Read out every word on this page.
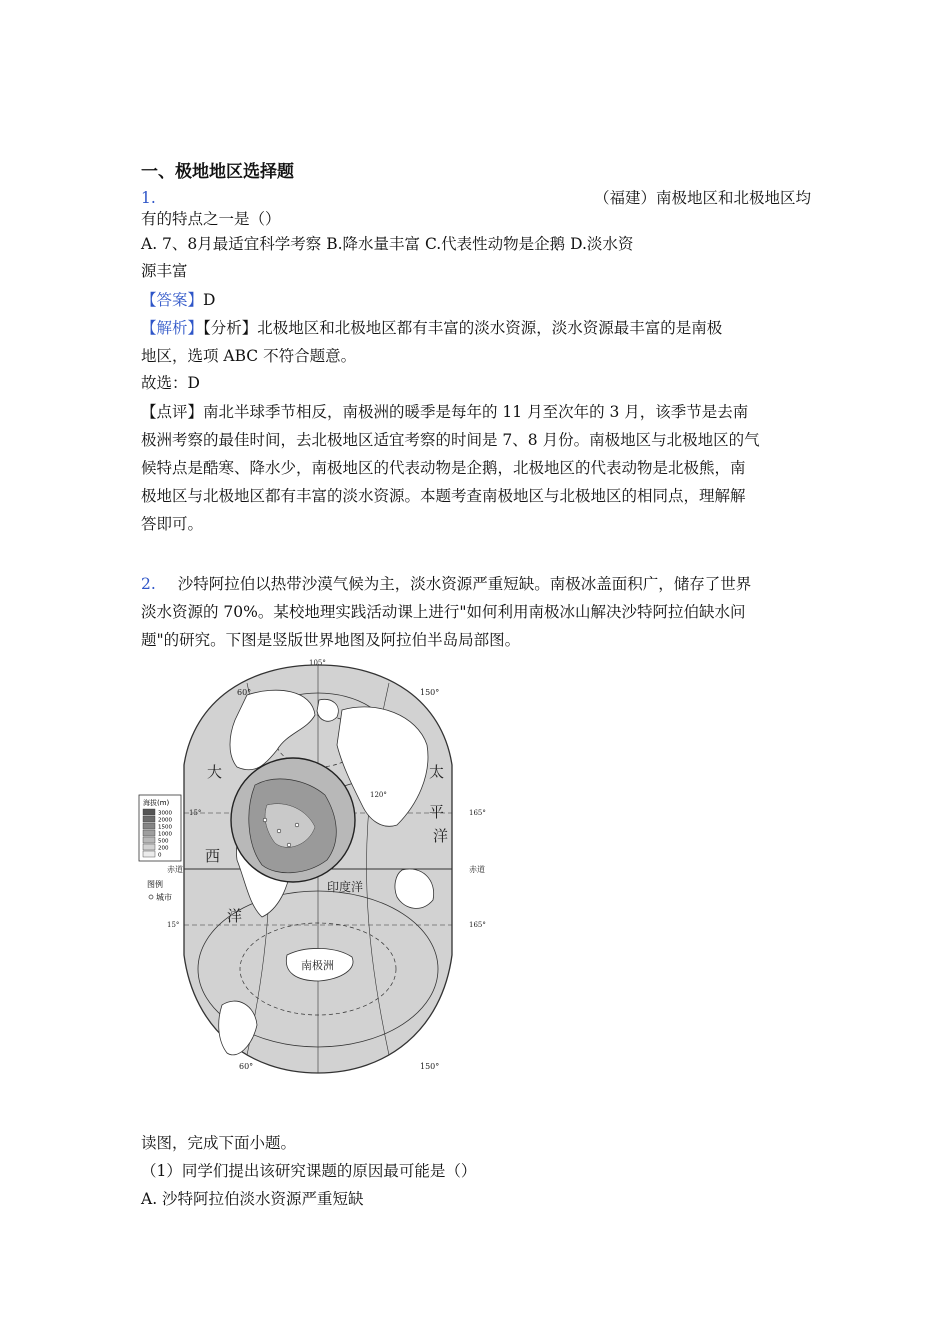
一、极地地区选择题
1.	（福建）南极地区和北极地区均
有的特点之一是（）
A. 7、8月最适宜科学考察 B.降水量丰富 C.代表性动物是企鹅 D.淡水资
源丰富
【答案】D
【解析】【分析】北极地区和北极地区都有丰富的淡水资源，淡水资源最丰富的是南极
地区，选项 ABC 不符合题意。
故选：D
【点评】南北半球季节相反，南极洲的暖季是每年的 11 月至次年的 3 月，该季节是去南
极洲考察的最佳时间，去北极地区适宜考察的时间是 7、8 月份。南极地区与北极地区的气
候特点是酷寒、降水少，南极地区的代表动物是企鹅，北极地区的代表动物是北极熊，南
极地区与北极地区都有丰富的淡水资源。本题考查南极地区与北极地区的相同点，理解解
答即可。
2. 沙特阿拉伯以热带沙漠气候为主，淡水资源严重短缺。南极冰盖面积广，储存了世界
淡水资源的 70%。某校地理实践活动课上进行"如何利用南极冰山解决沙特阿拉伯缺水问
题"的研究。下图是竖版世界地图及阿拉伯半岛局部图。
海拔(m)
3000
2000
1500
1000
500
200
0
图例
城市
105°
60°	150°
120°
165°
15°
赤道	赤道
15°	165°
60°	150°
大
西
洋
太
平
洋
印度洋
南极洲
读图，完成下面小题。
（1）同学们提出该研究课题的原因最可能是（）
A. 沙特阿拉伯淡水资源严重短缺
